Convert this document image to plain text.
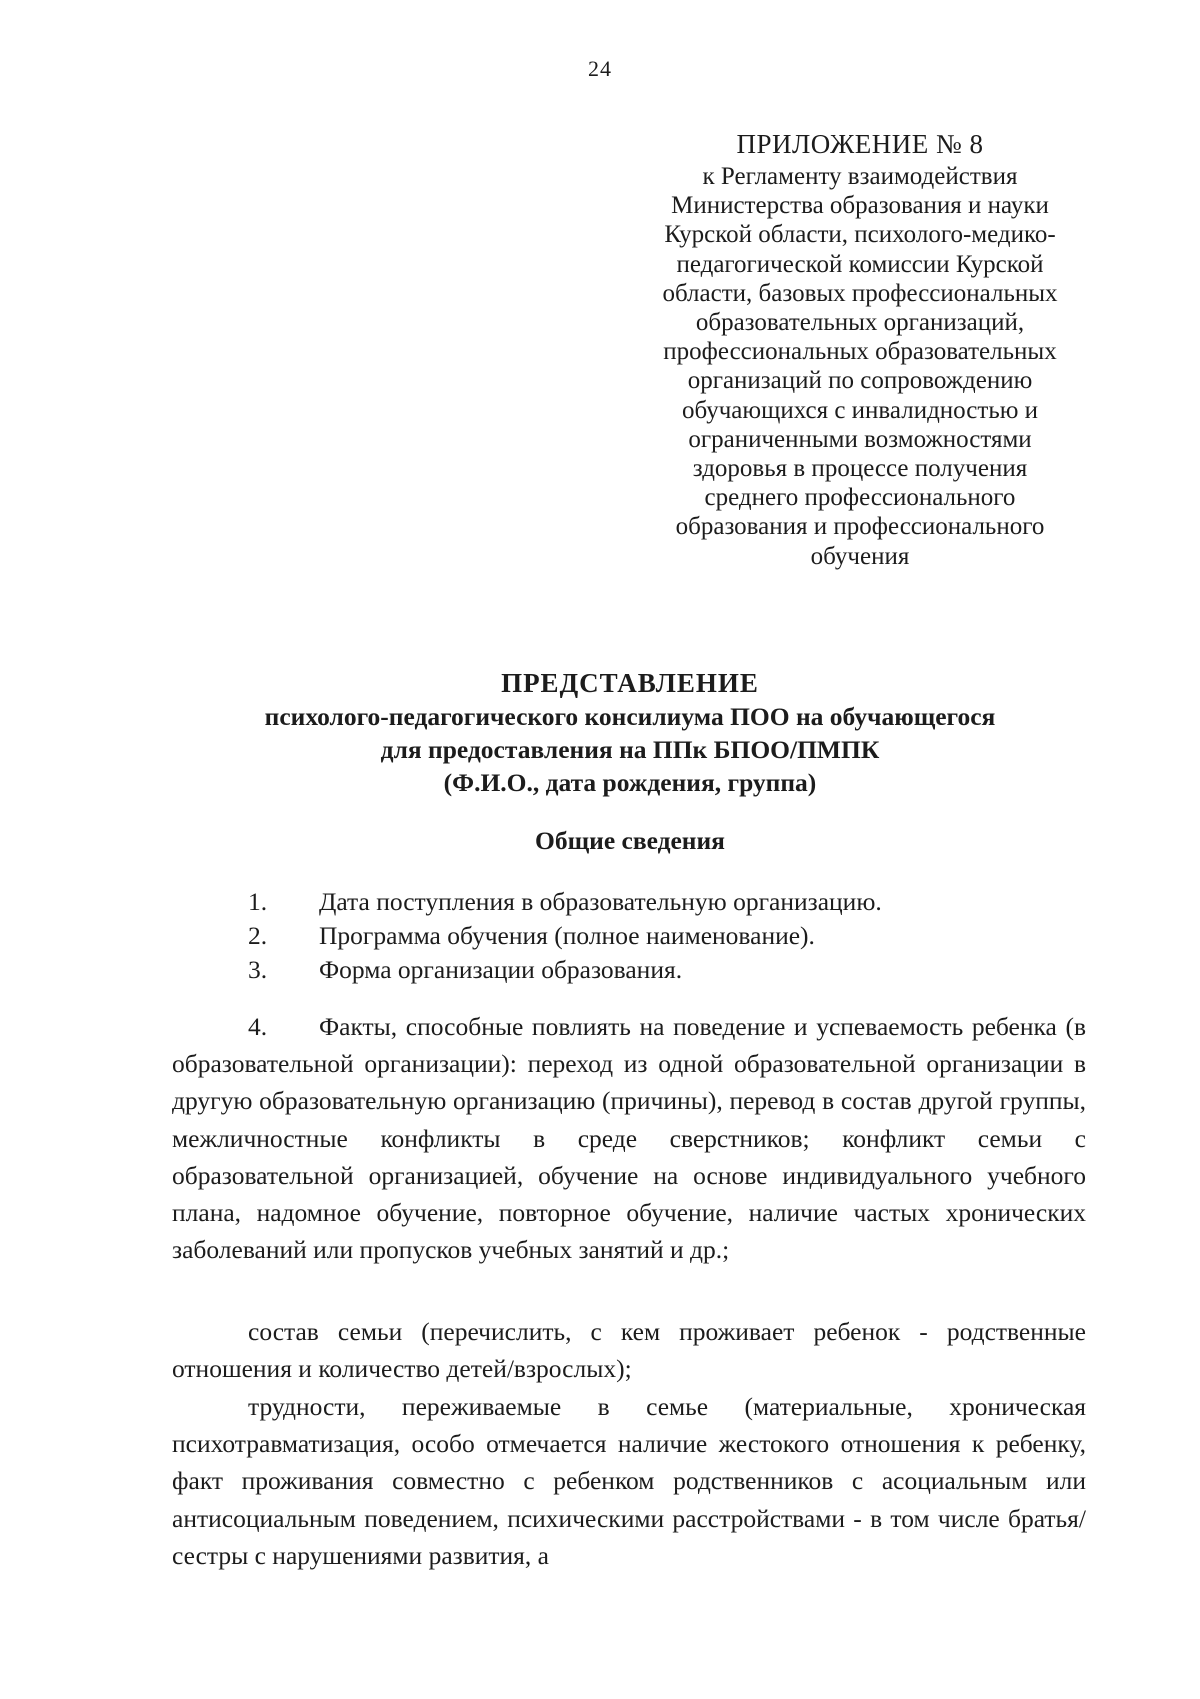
24
ПРИЛОЖЕНИЕ № 8
к Регламенту взаимодействия
Министерства образования и науки
Курской области, психолого-медико-
педагогической комиссии Курской
области, базовых профессиональных
образовательных организаций,
профессиональных образовательных
организаций по сопровождению
обучающихся с инвалидностью и
ограниченными возможностями
здоровья в процессе получения
среднего профессионального
образования и профессионального
обучения
ПРЕДСТАВЛЕНИЕ
психолого-педагогического консилиума ПОО на обучающегося
для предоставления на ППк БПОО/ПМПК
(Ф.И.О., дата рождения, группа)
Общие сведения
1. Дата поступления в образовательную организацию.
2. Программа обучения (полное наименование).
3. Форма организации образования.
4. Факты, способные повлиять на поведение и успеваемость ребенка (в образовательной организации): переход из одной образовательной организации в другую образовательную организацию (причины), перевод в состав другой группы, межличностные конфликты в среде сверстников; конфликт семьи с образовательной организацией, обучение на основе индивидуального учебного плана, надомное обучение, повторное обучение, наличие частых хронических заболеваний или пропусков учебных занятий и др.;
состав семьи (перечислить, с кем проживает ребенок - родственные отношения и количество детей/взрослых);
трудности, переживаемые в семье (материальные, хроническая психотравматизация, особо отмечается наличие жестокого отношения к ребенку, факт проживания совместно с ребенком родственников с асоциальным или антисоциальным поведением, психическими расстройствами - в том числе братья/сестры с нарушениями развития, а
